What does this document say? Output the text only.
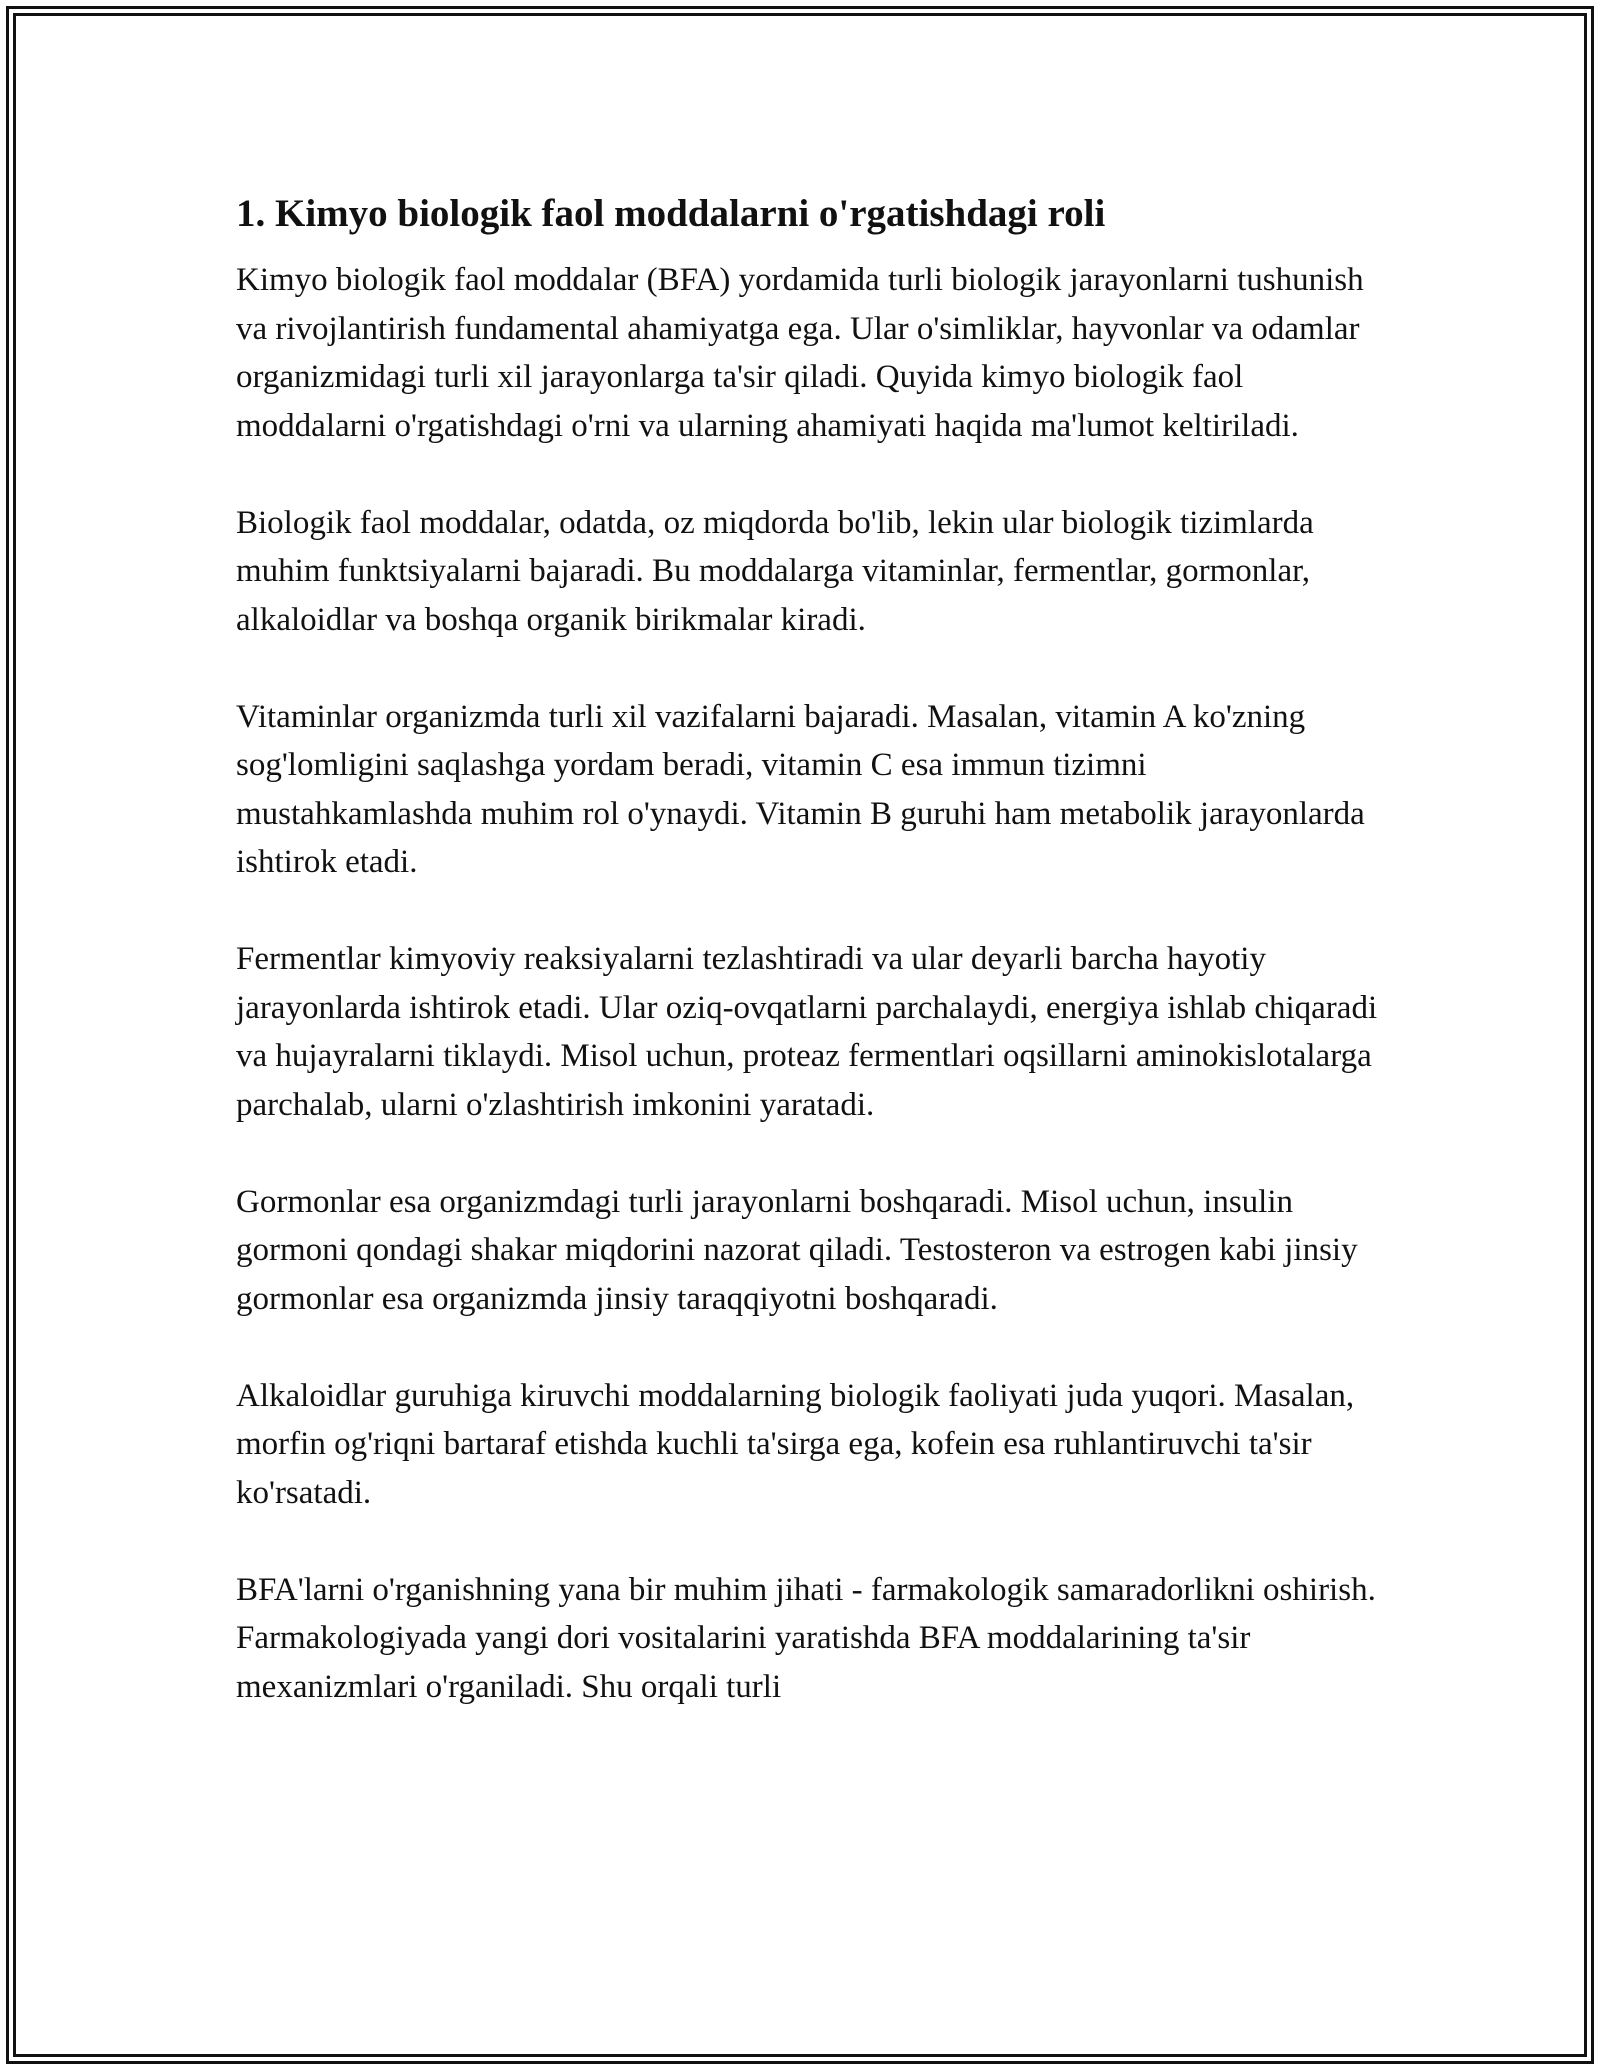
1. Kimyo biologik faol moddalarni o'rgatishdagi roli

Kimyo biologik faol moddalar (BFA) yordamida turli biologik jarayonlarni tushunish va rivojlantirish fundamental ahamiyatga ega. Ular o'simliklar, hayvonlar va odamlar organizmidagi turli xil jarayonlarga ta'sir qiladi. Quyida kimyo biologik faol moddalarni o'rgatishdagi o'rni va ularning ahamiyati haqida ma'lumot keltiriladi.

Biologik faol moddalar, odatda, oz miqdorda bo'lib, lekin ular biologik tizimlarda muhim funktsiyalarni bajaradi. Bu moddalarga vitaminlar, fermentlar, gormonlar, alkaloidlar va boshqa organik birikmalar kiradi.

Vitaminlar organizmda turli xil vazifalarni bajaradi. Masalan, vitamin A ko'zning sog'lomligini saqlashga yordam beradi, vitamin C esa immun tizimni mustahkamlashda muhim rol o'ynaydi. Vitamin B guruhi ham metabolik jarayonlarda ishtirok etadi.

Fermentlar kimyoviy reaksiyalarni tezlashtiradi va ular deyarli barcha hayotiy jarayonlarda ishtirok etadi. Ular oziq-ovqatlarni parchalaydi, energiya ishlab chiqaradi va hujayralarni tiklaydi. Misol uchun, proteaz fermentlari oqsillarni aminokislotalarga parchalab, ularni o'zlashtirish imkonini yaratadi.

Gormonlar esa organizmdagi turli jarayonlarni boshqaradi. Misol uchun, insulin gormoni qondagi shakar miqdorini nazorat qiladi. Testosteron va estrogen kabi jinsiy gormonlar esa organizmda jinsiy taraqqiyotni boshqaradi.

Alkaloidlar guruhiga kiruvchi moddalarning biologik faoliyati juda yuqori. Masalan, morfin og'riqni bartaraf etishda kuchli ta'sirga ega, kofein esa ruhlantiruvchi ta'sir ko'rsatadi.

BFA'larni o'rganishning yana bir muhim jihati - farmakologik samaradorlikni oshirish. Farmakologiyada yangi dori vositalarini yaratishda BFA moddalarining ta'sir mexanizmlari o'rganiladi. Shu orqali turli
